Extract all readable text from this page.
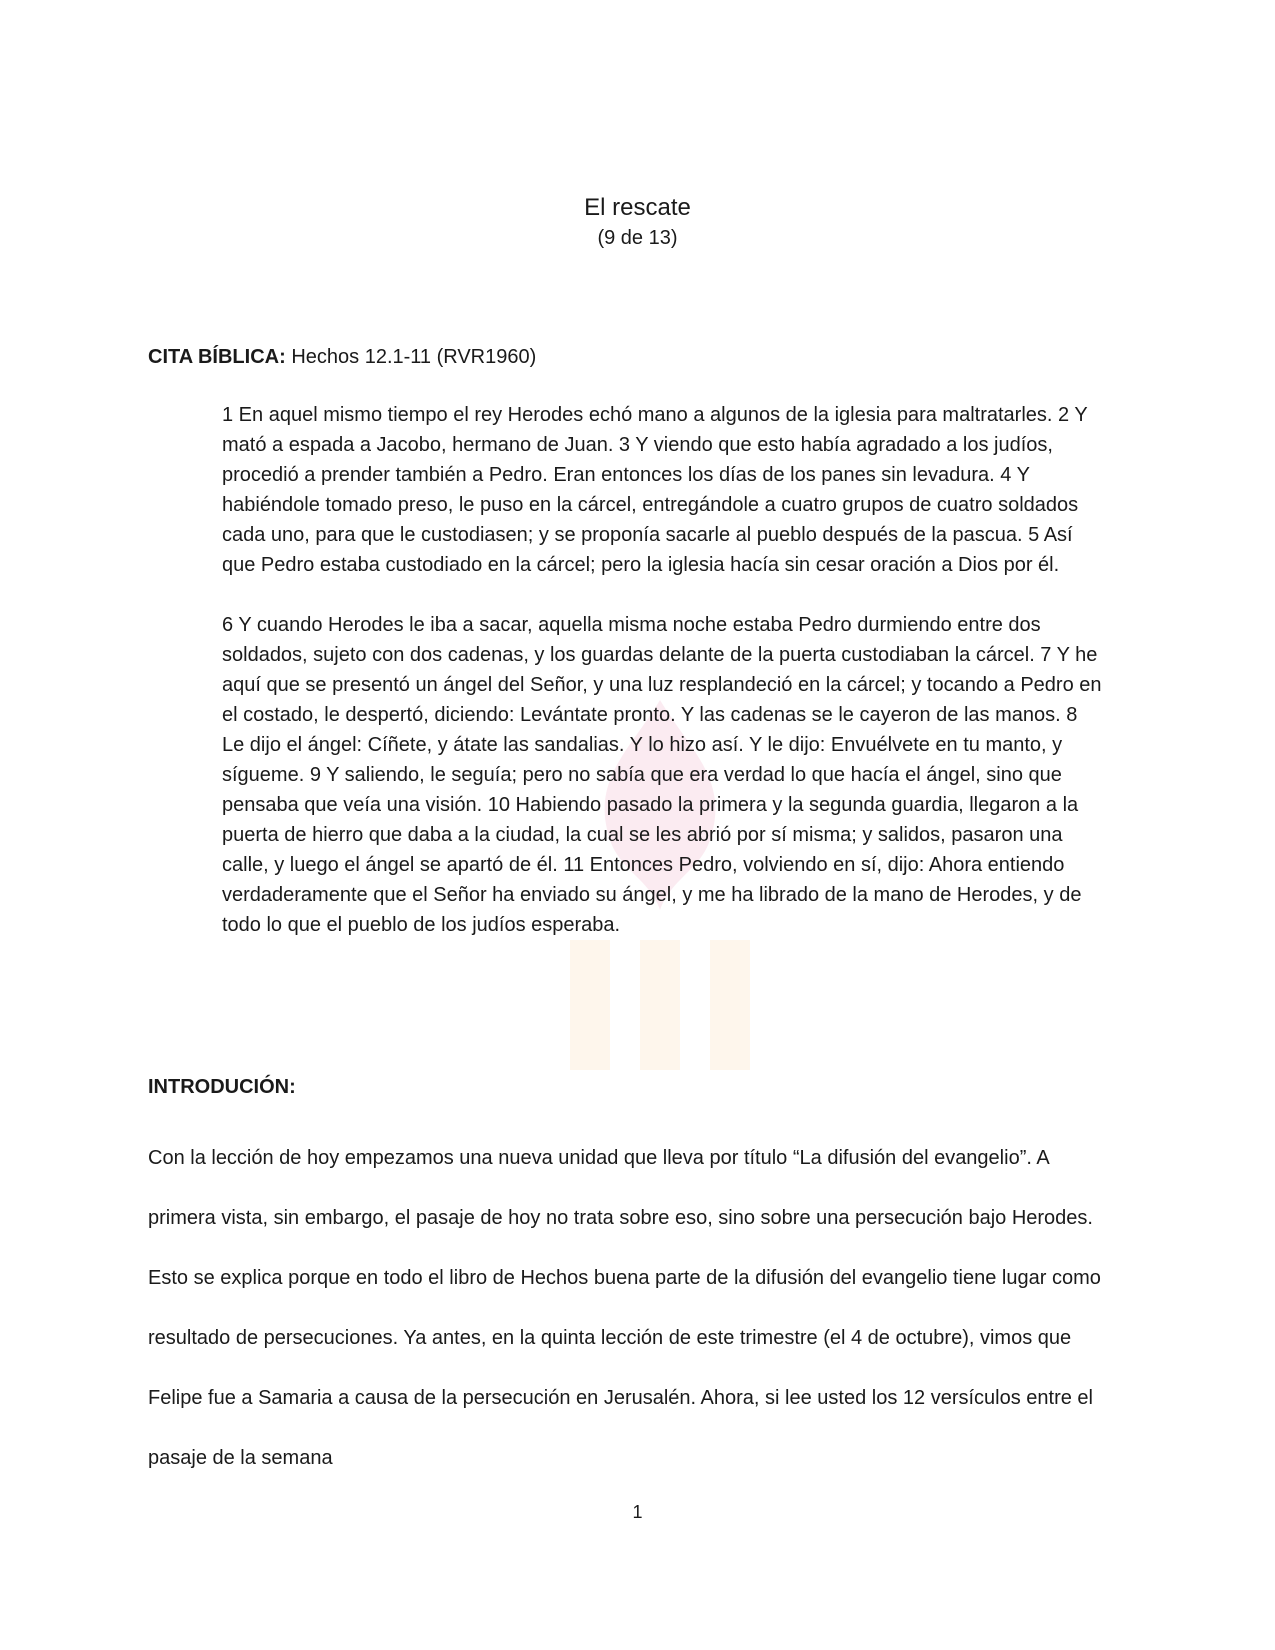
El rescate
(9 de 13)
CITA BÍBLICA: Hechos 12.1-11 (RVR1960)

1 En aquel mismo tiempo el rey Herodes echó mano a algunos de la iglesia para maltratarles. 2 Y mató a espada a Jacobo, hermano de Juan. 3 Y viendo que esto había agradado a los judíos, procedió a prender también a Pedro. Eran entonces los días de los panes sin levadura. 4 Y habiéndole tomado preso, le puso en la cárcel, entregándole a cuatro grupos de cuatro soldados cada uno, para que le custodiasen; y se proponía sacarle al pueblo después de la pascua. 5 Así que Pedro estaba custodiado en la cárcel; pero la iglesia hacía sin cesar oración a Dios por él.

6 Y cuando Herodes le iba a sacar, aquella misma noche estaba Pedro durmiendo entre dos soldados, sujeto con dos cadenas, y los guardas delante de la puerta custodiaban la cárcel. 7 Y he aquí que se presentó un ángel del Señor, y una luz resplandeció en la cárcel; y tocando a Pedro en el costado, le despertó, diciendo: Levántate pronto. Y las cadenas se le cayeron de las manos. 8 Le dijo el ángel: Cíñete, y átate las sandalias. Y lo hizo así. Y le dijo: Envuélvete en tu manto, y sígueme. 9 Y saliendo, le seguía; pero no sabía que era verdad lo que hacía el ángel, sino que pensaba que veía una visión. 10 Habiendo pasado la primera y la segunda guardia, llegaron a la puerta de hierro que daba a la ciudad, la cual se les abrió por sí misma; y salidos, pasaron una calle, y luego el ángel se apartó de él. 11 Entonces Pedro, volviendo en sí, dijo: Ahora entiendo verdaderamente que el Señor ha enviado su ángel, y me ha librado de la mano de Herodes, y de todo lo que el pueblo de los judíos esperaba.

INTRODUCIÓN:

Con la lección de hoy empezamos una nueva unidad que lleva por título “La difusión del evangelio”. A primera vista, sin embargo, el pasaje de hoy no trata sobre eso, sino sobre una persecución bajo Herodes. Esto se explica porque en todo el libro de Hechos buena parte de la difusión del evangelio tiene lugar como resultado de persecuciones. Ya antes, en la quinta lección de este trimestre (el 4 de octubre), vimos que Felipe fue a Samaria a causa de la persecución en Jerusalén. Ahora, si lee usted los 12 versículos entre el pasaje de la semana

1
